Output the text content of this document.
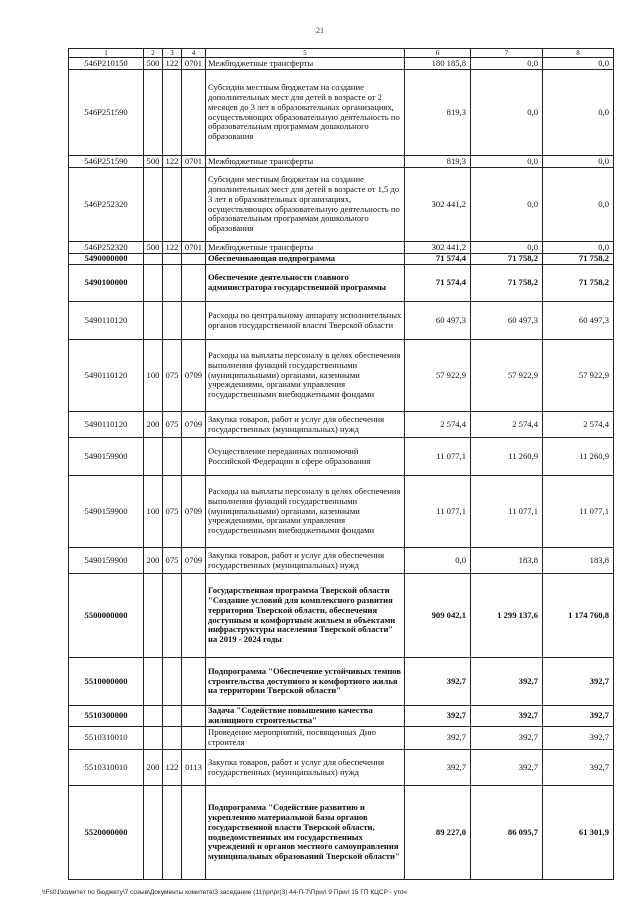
21
1	2	3	4	5	6	7	8
546P210150	500	122	0701	Межбюджетные трансферты	180 185,8	0,0	0,0
546P251590				Субсидии местным бюджетам на создание дополнительных мест для детей в возрасте от 2 месяцев до 3 лет в образовательных организациях, осуществляющих образовательную деятельность по образовательным программам дошкольного образования	819,3	0,0	0,0
546P251590	500	122	0701	Межбюджетные трансферты	819,3	0,0	0,0
546P252320				Субсидии местным бюджетам на создание дополнительных мест для детей в возрасте от 1,5 до 3 лет в образовательных организациях, осуществляющих образовательную деятельность по образовательным программам дошкольного образования	302 441,2	0,0	0,0
546P252320	500	122	0701	Межбюджетные трансферты	302 441,2	0,0	0,0
5490000000				Обеспечивающая подпрограмма	71 574,4	71 758,2	71 758,2
5490100000				Обеспечение деятельности главного администратора государственной программы	71 574,4	71 758,2	71 758,2
5490110120				Расходы по центральному аппарату исполнительных органов государственной власти Тверской области	60 497,3	60 497,3	60 497,3
5490110120	100	075	0709	Расходы на выплаты персоналу в целях обеспечения выполнения функций государственными (муниципальными) органами, казенными учреждениями, органами управления государственными внебюджетными фондами	57 922,9	57 922,9	57 922,9
5490110120	200	075	0709	Закупка товаров, работ и услуг для обеспечения государственных (муниципальных) нужд	2 574,4	2 574,4	2 574,4
5490159900				Осуществление переданных полномочий Российской Федерации в сфере образования	11 077,1	11 260,9	11 260,9
5490159900	100	075	0709	Расходы на выплаты персоналу в целях обеспечения выполнения функций государственными (муниципальными) органами, казенными учреждениями, органами управления государственными внебюджетными фондами	11 077,1	11 077,1	11 077,1
5490159900	200	075	0709	Закупка товаров, работ и услуг для обеспечения государственных (муниципальных) нужд	0,0	183,8	183,8
5500000000				Государственная программа Тверской области "Создание условий для комплексного развития территории Тверской области, обеспечения доступным и комфортным жильем и объектами инфраструктуры населения Тверской области" на 2019 - 2024 годы	909 042,1	1 299 137,6	1 174 760,8
5510000000				Подпрограмма "Обеспечение устойчивых темпов строительства доступного и комфортного жилья на территории Тверской области"	392,7	392,7	392,7
5510300000				Задача "Содействие повышению качества жилищного строительства"	392,7	392,7	392,7
5510310010				Проведение мероприятий, посвященных Дню строителя	392,7	392,7	392,7
5510310010	200	122	0113	Закупка товаров, работ и услуг для обеспечения государственных (муниципальных) нужд	392,7	392,7	392,7
5520000000				Подпрограмма "Содействие развитию и укреплению материальной базы органов государственной власти Тверской области, подведомственных им государственных учреждений и органов местного самоуправления муниципальных образований Тверской области"	89 227,0	86 095,7	61 301,9
\\Fs01\комитет по бюджету\7 созыв\Документы комитета\3 заседание (11)\pr\pr(3) 44-П-7\Прил 9 Прил 15 ГП КЦСР - уточ
